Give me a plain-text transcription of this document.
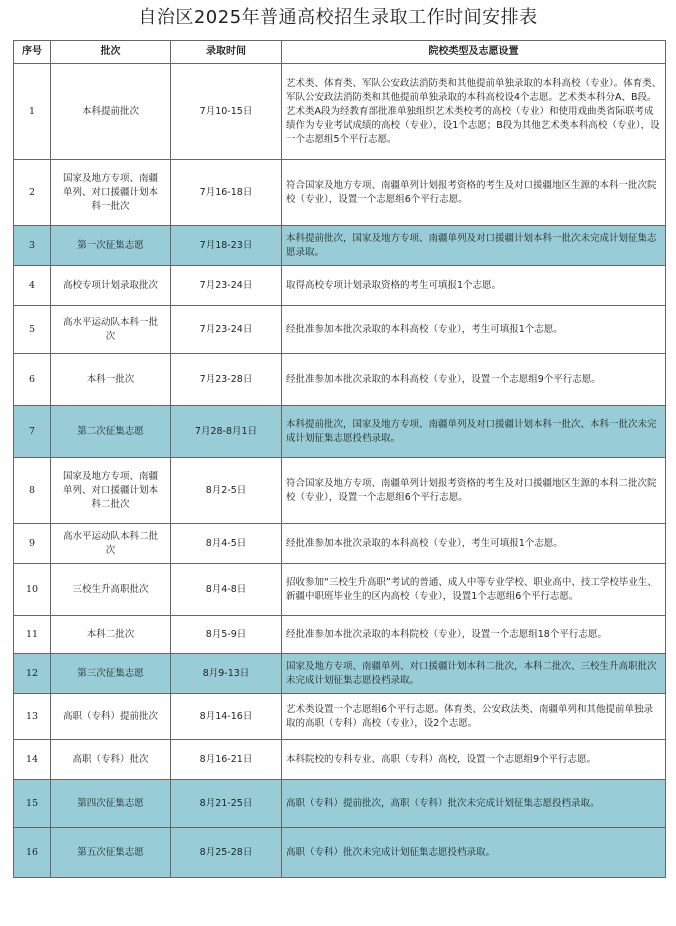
自治区2025年普通高校招生录取工作时间安排表
序号	批次	录取时间	院校类型及志愿设置
1	本科提前批次	7月10-15日	艺术类、体育类、军队公安政法消防类和其他提前单独录取的本科高校（专业）。体育类、军队公安政法消防类和其他提前单独录取的本科高校设4个志愿。艺术类本科分A、B段。艺术类A段为经教育部批准单独组织艺术类校考的高校（专业）和使用戏曲类省际联考成绩作为专业考试成绩的高校（专业），设1个志愿；B段为其他艺术类本科高校（专业），设一个志愿组5个平行志愿。
2	国家及地方专项、南疆单列、对口援疆计划本科一批次	7月16-18日	符合国家及地方专项、南疆单列计划报考资格的考生及对口援疆地区生源的本科一批次院校（专业），设置一个志愿组6个平行志愿。
3	第一次征集志愿	7月18-23日	本科提前批次，国家及地方专项、南疆单列及对口援疆计划本科一批次未完成计划征集志愿录取。
4	高校专项计划录取批次	7月23-24日	取得高校专项计划录取资格的考生可填报1个志愿。
5	高水平运动队本科一批次	7月23-24日	经批准参加本批次录取的本科高校（专业），考生可填报1个志愿。
6	本科一批次	7月23-28日	经批准参加本批次录取的本科高校（专业），设置一个志愿组9个平行志愿。
7	第二次征集志愿	7月28-8月1日	本科提前批次，国家及地方专项、南疆单列及对口援疆计划本科一批次、本科一批次未完成计划征集志愿投档录取。
8	国家及地方专项、南疆单列、对口援疆计划本科二批次	8月2-5日	符合国家及地方专项、南疆单列计划报考资格的考生及对口援疆地区生源的本科二批次院校（专业），设置一个志愿组6个平行志愿。
9	高水平运动队本科二批次	8月4-5日	经批准参加本批次录取的本科高校（专业），考生可填报1个志愿。
10	三校生升高职批次	8月4-8日	招收参加“三校生升高职”考试的普通、成人中等专业学校、职业高中、技工学校毕业生、新疆中职班毕业生的区内高校（专业），设置1个志愿组6个平行志愿。
11	本科二批次	8月5-9日	经批准参加本批次录取的本科院校（专业），设置一个志愿组18个平行志愿。
12	第三次征集志愿	8月9-13日	国家及地方专项、南疆单列、对口援疆计划本科二批次，本科二批次、三校生升高职批次未完成计划征集志愿投档录取。
13	高职（专科）提前批次	8月14-16日	艺术类设置一个志愿组6个平行志愿。体育类、公安政法类、南疆单列和其他提前单独录取的高职（专科）高校（专业），设2个志愿。
14	高职（专科）批次	8月16-21日	本科院校的专科专业、高职（专科）高校，设置一个志愿组9个平行志愿。
15	第四次征集志愿	8月21-25日	高职（专科）提前批次，高职（专科）批次未完成计划征集志愿投档录取。
16	第五次征集志愿	8月25-28日	高职（专科）批次未完成计划征集志愿投档录取。
